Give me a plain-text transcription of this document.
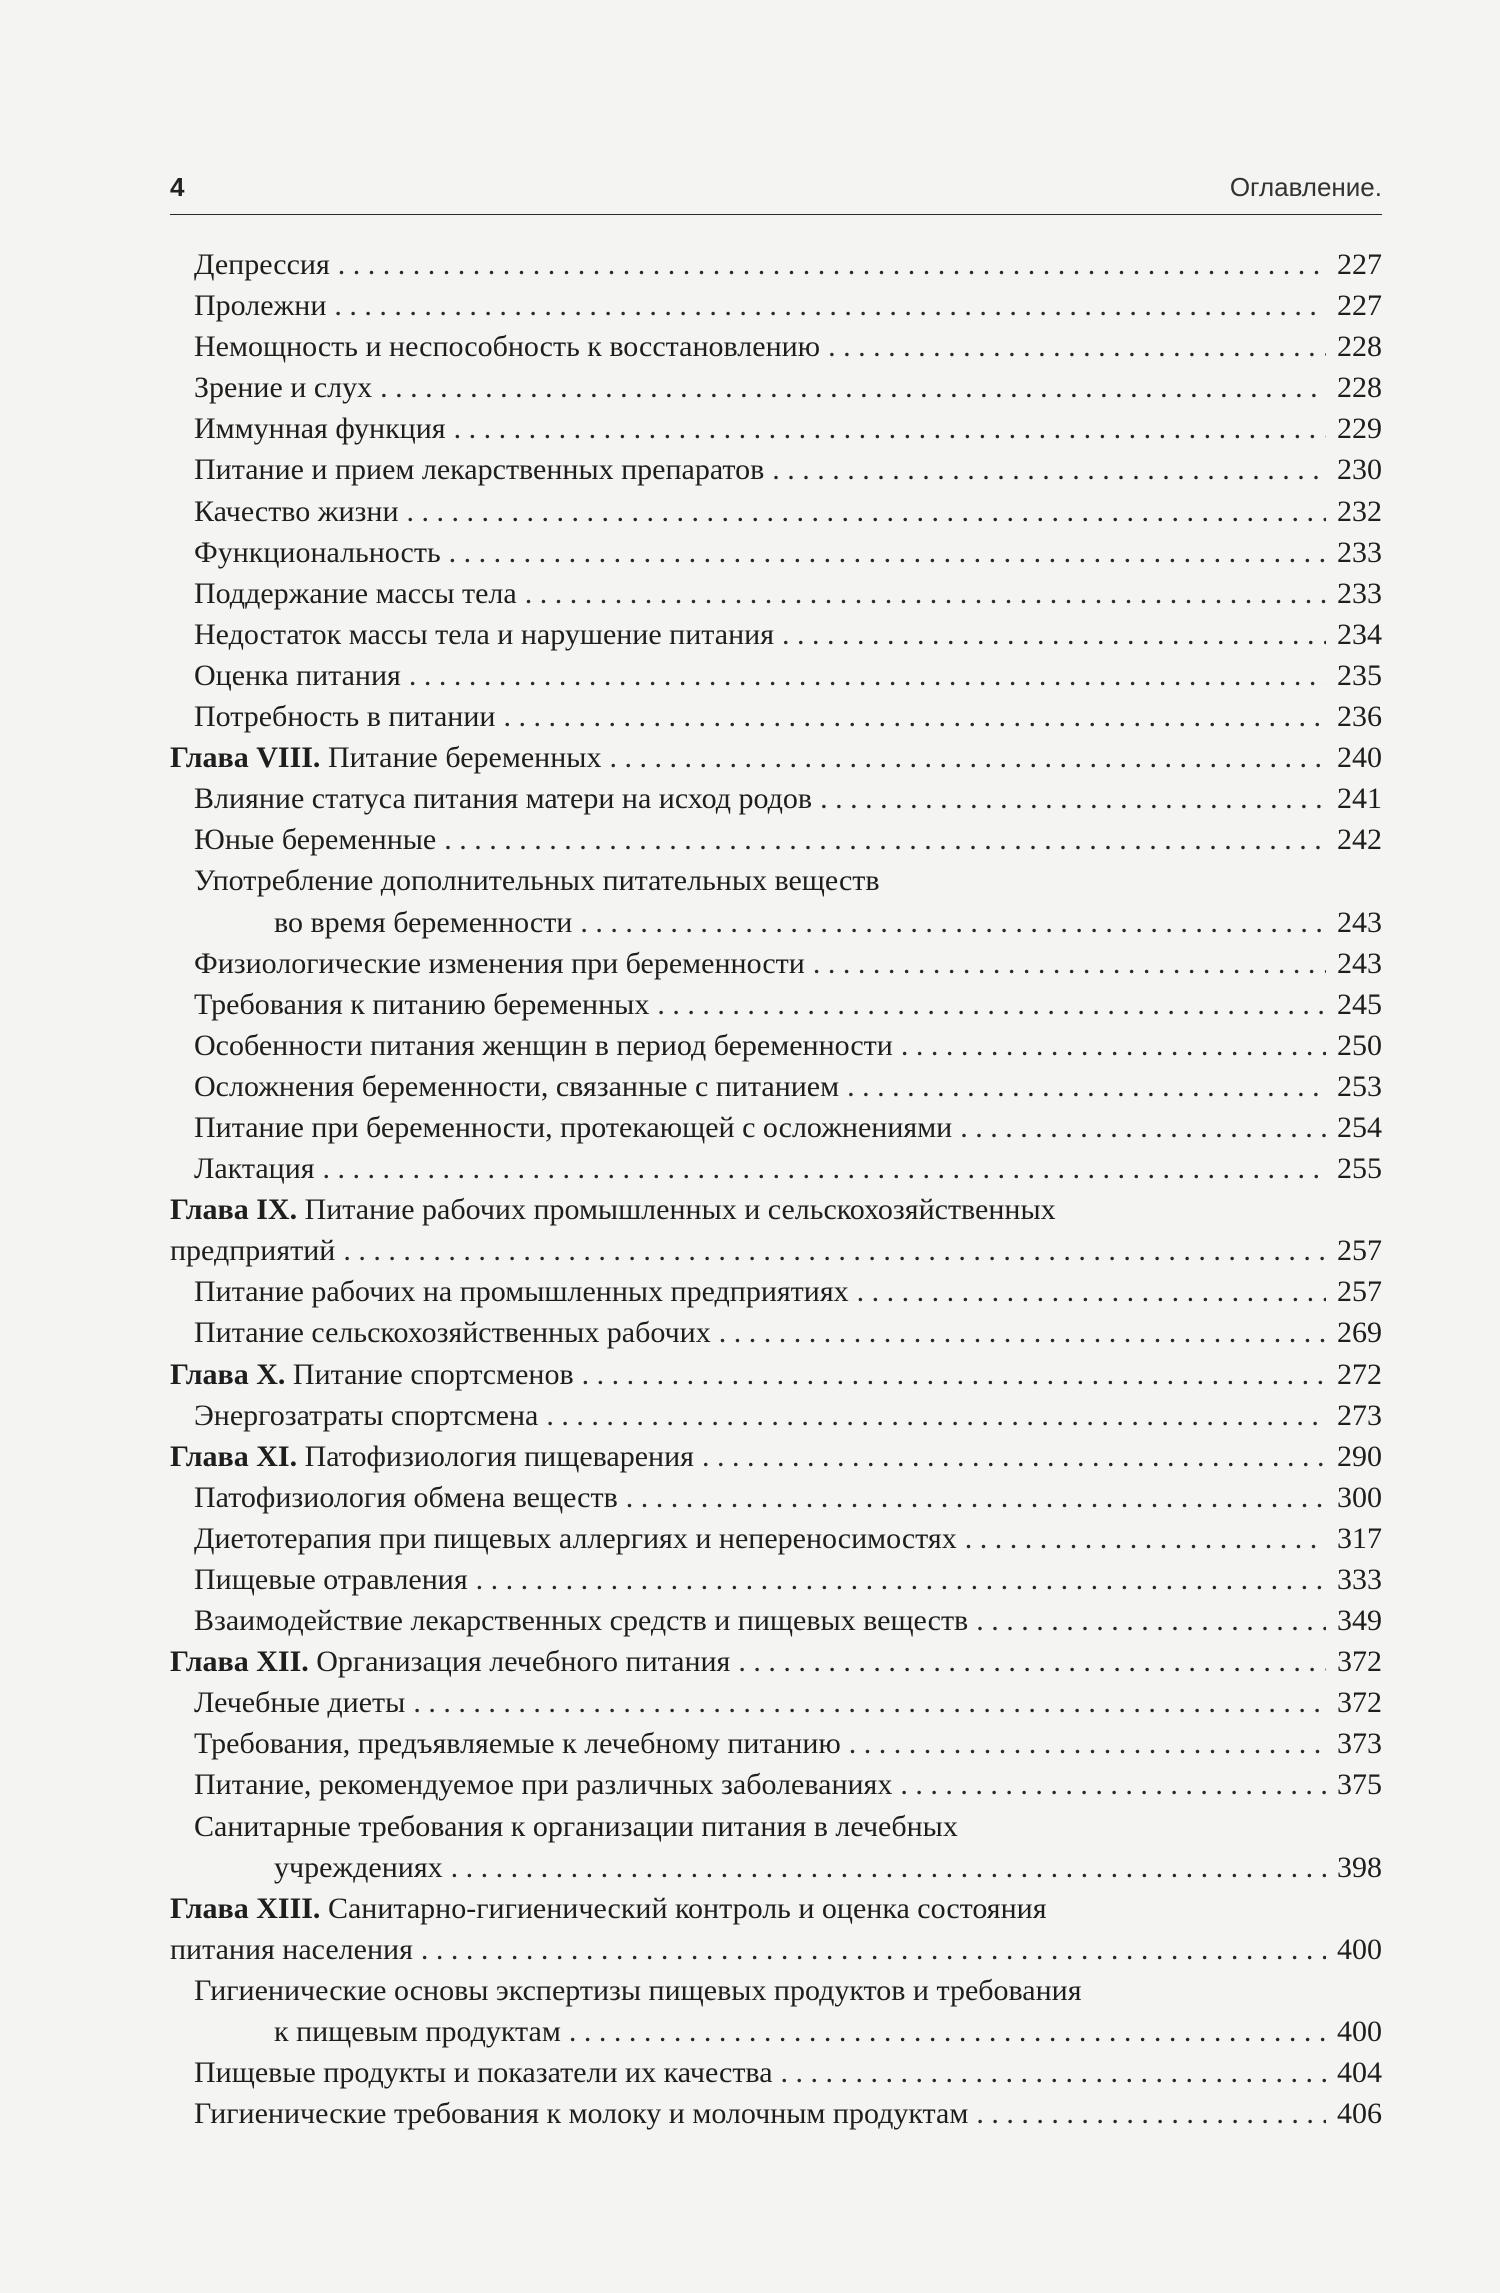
4	Оглавление.
Депрессия . . .	227
Пролежни . . .	227
Немощность и неспособность к восстановлению . . .	228
Зрение и слух . . .	228
Иммунная функция . . .	229
Питание и прием лекарственных препаратов . . .	230
Качество жизни . . .	232
Функциональность . . .	233
Поддержание массы тела . . .	233
Недостаток массы тела и нарушение питания . . .	234
Оценка питания . . .	235
Потребность в питании . . .	236
Глава VIII. Питание беременных . . .	240
Влияние статуса питания матери на исход родов . . .	241
Юные беременные . . .	242
Употребление дополнительных питательных веществ
во время беременности . . .	243
Физиологические изменения при беременности . . .	243
Требования к питанию беременных . . .	245
Особенности питания женщин в период беременности . . .	250
Осложнения беременности, связанные с питанием . . .	253
Питание при беременности, протекающей с осложнениями . . .	254
Лактация . . .	255
Глава IX. Питание рабочих промышленных и сельскохозяйственных
предприятий . . .	257
Питание рабочих на промышленных предприятиях . . .	257
Питание сельскохозяйственных рабочих . . .	269
Глава X. Питание спортсменов . . .	272
Энергозатраты спортсмена . . .	273
Глава XI. Патофизиология пищеварения . . .	290
Патофизиология обмена веществ . . .	300
Диетотерапия при пищевых аллергиях и непереносимостях . . .	317
Пищевые отравления . . .	333
Взаимодействие лекарственных средств и пищевых веществ . . .	349
Глава XII. Организация лечебного питания . . .	372
Лечебные диеты . . .	372
Требования, предъявляемые к лечебному питанию . . .	373
Питание, рекомендуемое при различных заболеваниях . . .	375
Санитарные требования к организации питания в лечебных
учреждениях . . .	398
Глава XIII. Санитарно-гигиенический контроль и оценка состояния
питания населения . . .	400
Гигиенические основы экспертизы пищевых продуктов и требования
к пищевым продуктам . . .	400
Пищевые продукты и показатели их качества . . .	404
Гигиенические требования к молоку и молочным продуктам . . .	406
